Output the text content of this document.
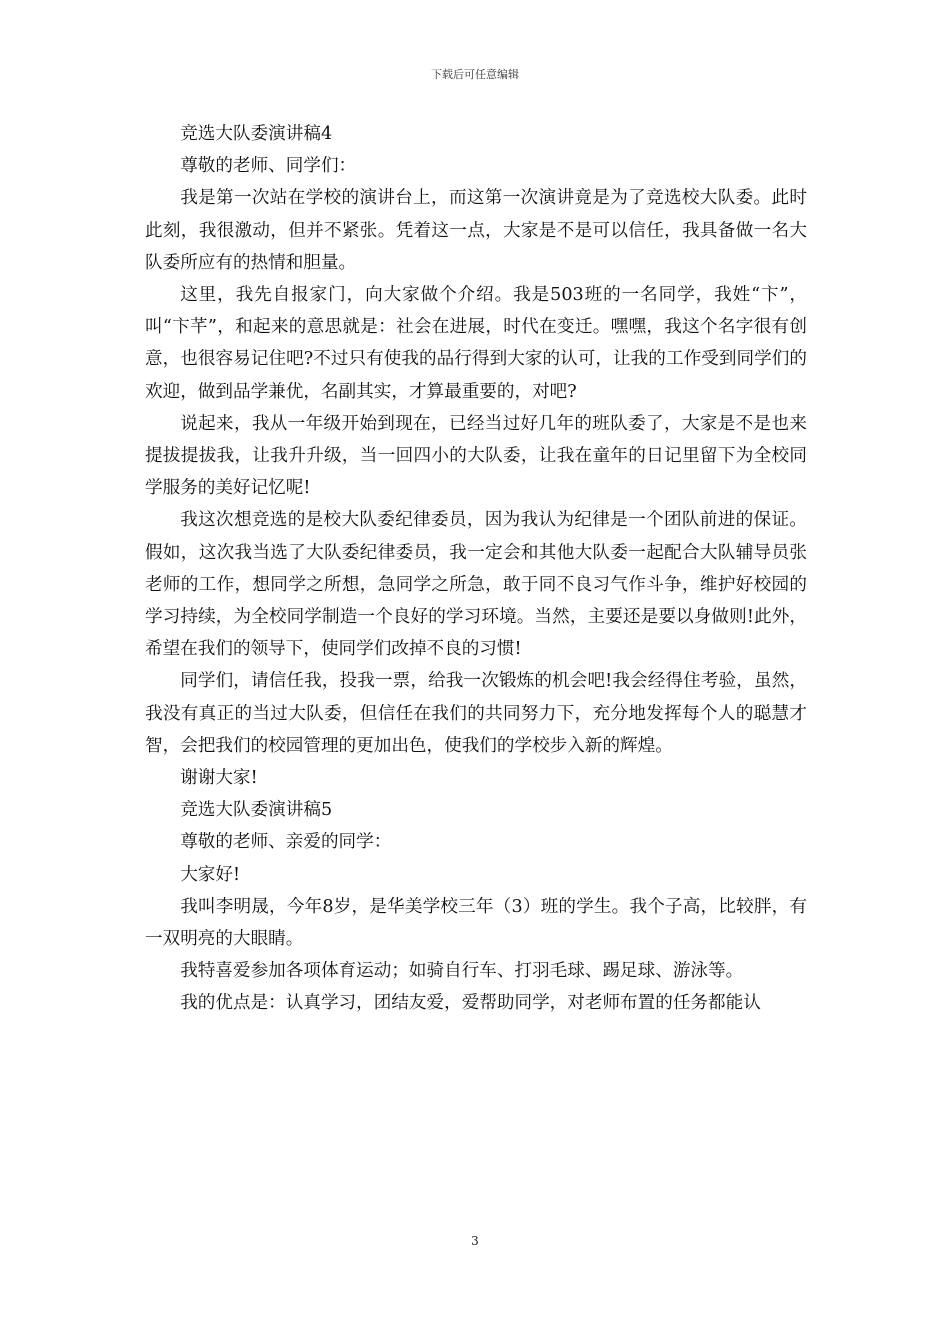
下载后可任意编辑

竞选大队委演讲稿4

尊敬的老师、同学们：

我是第一次站在学校的演讲台上，而这第一次演讲竟是为了竞选校大队委。此时此刻，我很激动，但并不紧张。凭着这一点，大家是不是可以信任，我具备做一名大队委所应有的热情和胆量。

这里，我先自报家门，向大家做个介绍。我是503班的一名同学，我姓“卞”，叫“卞芊”，和起来的意思就是：社会在进展，时代在变迁。嘿嘿，我这个名字很有创意，也很容易记住吧?不过只有使我的品行得到大家的认可，让我的工作受到同学们的欢迎，做到品学兼优，名副其实，才算最重要的，对吧?

说起来，我从一年级开始到现在，已经当过好几年的班队委了，大家是不是也来提拔提拔我，让我升升级，当一回四小的大队委，让我在童年的日记里留下为全校同学服务的美好记忆呢!

我这次想竞选的是校大队委纪律委员，因为我认为纪律是一个团队前进的保证。假如，这次我当选了大队委纪律委员，我一定会和其他大队委一起配合大队辅导员张老师的工作，想同学之所想，急同学之所急，敢于同不良习气作斗争，维护好校园的学习持续，为全校同学制造一个良好的学习环境。当然，主要还是要以身做则!此外，希望在我们的领导下，使同学们改掉不良的习惯!

同学们，请信任我，投我一票，给我一次锻炼的机会吧!我会经得住考验，虽然，我没有真正的当过大队委，但信任在我们的共同努力下，充分地发挥每个人的聪慧才智，会把我们的校园管理的更加出色，使我们的学校步入新的辉煌。

谢谢大家!

竞选大队委演讲稿5

尊敬的老师、亲爱的同学：

大家好!

我叫李明晟，今年8岁，是华美学校三年（3）班的学生。我个子高，比较胖，有一双明亮的大眼睛。

我特喜爱参加各项体育运动；如骑自行车、打羽毛球、踢足球、游泳等。

我的优点是：认真学习，团结友爱，爱帮助同学，对老师布置的任务都能认

3
